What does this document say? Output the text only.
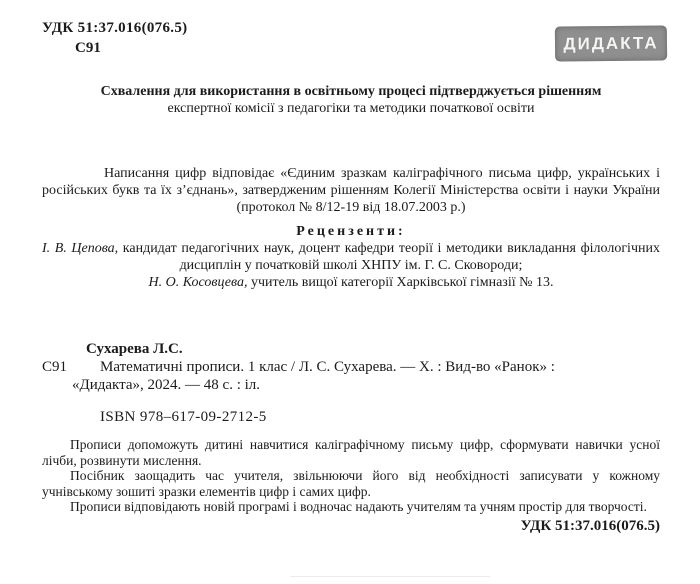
УДК 51:37.016(076.5)
С91	ДИДАКТА
Схвалення для використання в освітньому процесі підтверджується рішенням
експертної комісії з педагогіки та методики початкової освіти

Написання цифр відповідає «Єдиним зразкам каліграфічного письма цифр, українських і російських букв та їх з’єднань», затвердженим рішенням Колегії Міністерства освіти і науки України (протокол № 8/12-19 від 18.07.2003 р.)

Рецензенти:
І. В. Цепова, кандидат педагогічних наук, доцент кафедри теорії і методики викладання філологічних дисциплін у початковій школі ХНПУ ім. Г. С. Сковороди;
Н. О. Косовцева, учитель вищої категорії Харківської гімназії № 13.
Сухарева Л.С.
С91	Математичні прописи. 1 клас / Л. С. Сухарева. — Х. : Вид-во «Ранок» :
«Дидакта», 2024. — 48 с. : іл.
ISBN 978–617-09-2712-5

Прописи допоможуть дитині навчитися каліграфічному письму цифр, сформувати навички усної лічби, розвинути мислення.

Посібник заощадить час учителя, звільнюючи його від необхідності записувати у кожному учнівському зошиті зразки елементів цифр і самих цифр.

Прописи відповідають новій програмі і водночас надають учителям та учням простір для творчості.

УДК 51:37.016(076.5)
